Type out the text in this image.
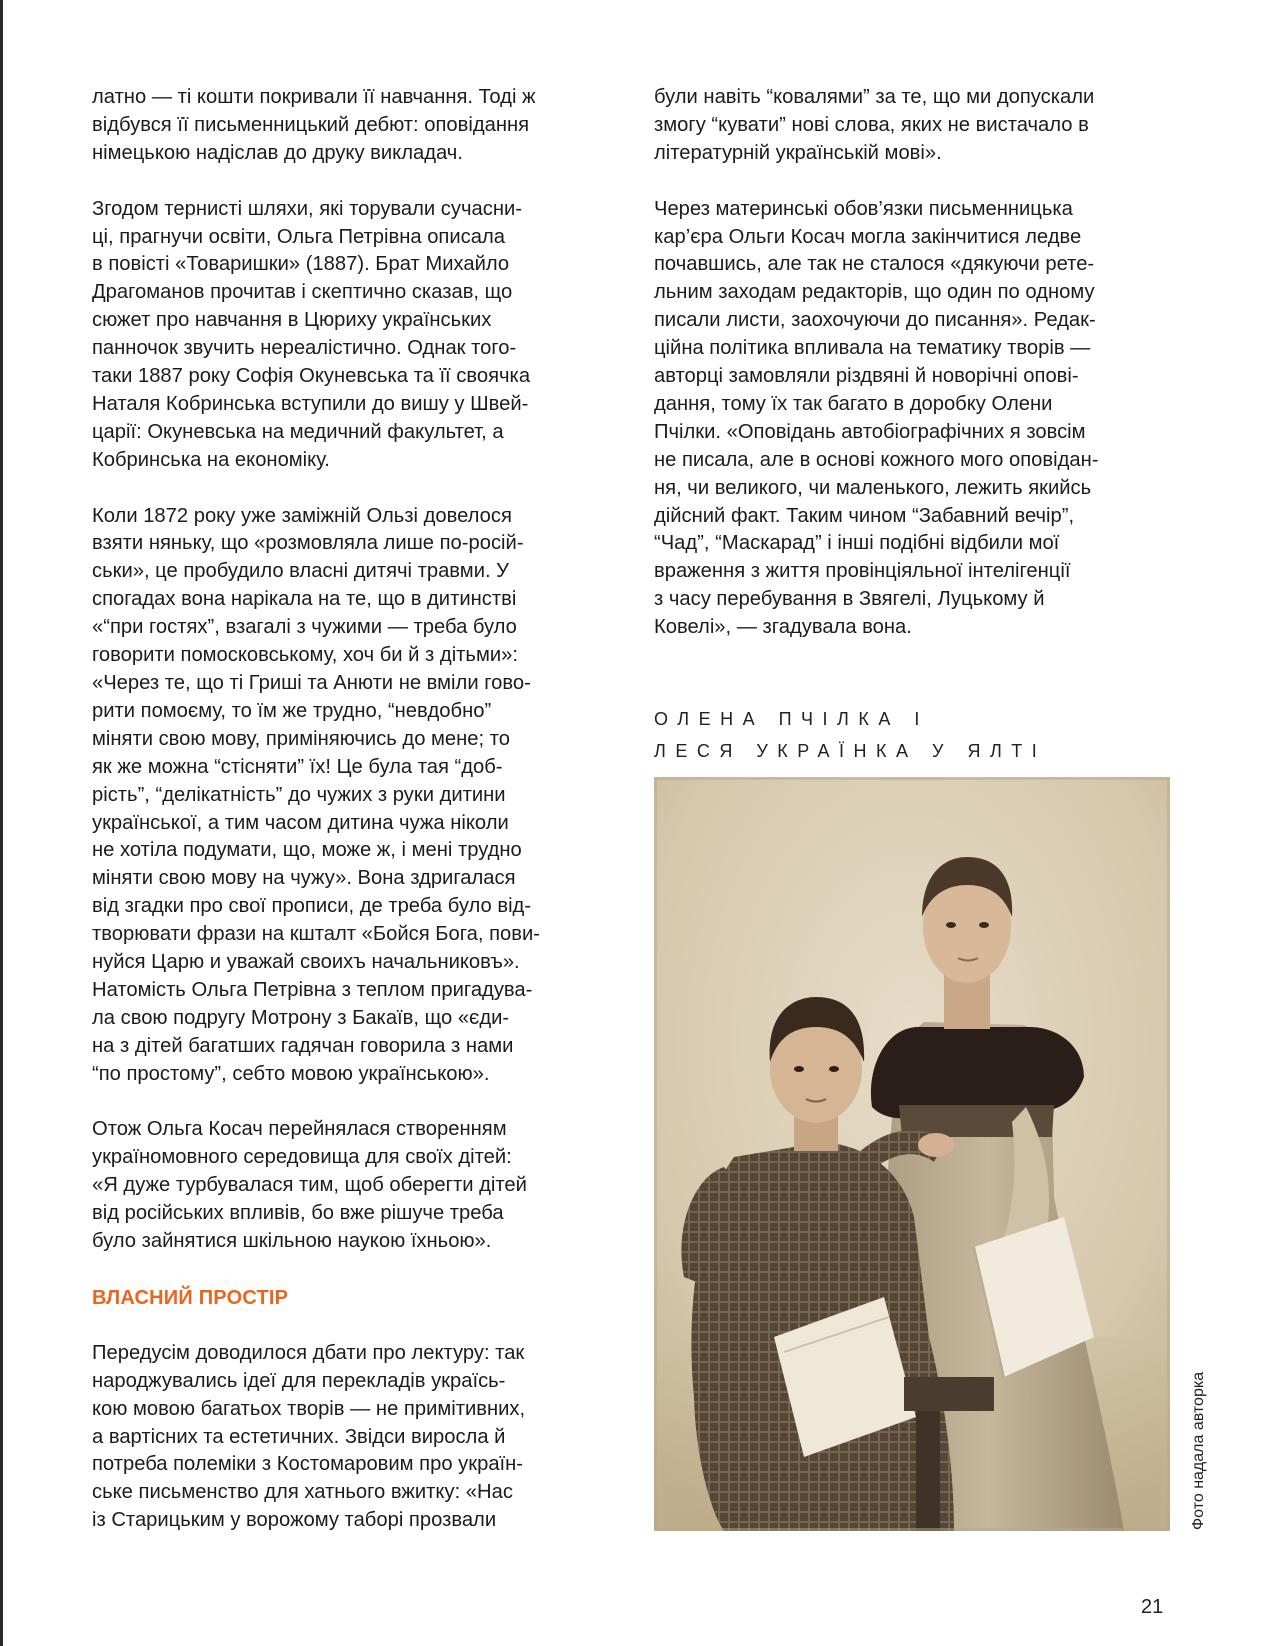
латно — ті кошти покривали її навчання. Тоді ж
відбувся її письменницький дебют: оповідання
німецькою надіслав до друку викладач.
Згодом тернисті шляхи, які торували сучасни-
ці, прагнучи освіти, Ольга Петрівна описала
в повісті «Товаришки» (1887). Брат Михайло
Драгоманов прочитав і скептично сказав, що
сюжет про навчання в Цюриху українських
панночок звучить нереалістично. Однак того-
таки 1887 року Софія Окуневська та її своячка
Наталя Кобринська вступили до вишу у Швей-
царії: Окуневська на медичний факультет, а
Кобринська на економіку.
Коли 1872 року уже заміжній Ользі довелося
взяти няньку, що «розмовляла лише по-росій-
ськи», це пробудило власні дитячі травми. У
спогадах вона нарікала на те, що в дитинстві
«“при гостях”, взагалі з чужими — треба було
говорити помосковському, хоч би й з дітьми»:
«Через те, що ті Гриші та Анюти не вміли гово-
рити помоєму, то їм же трудно, “невдобно”
міняти свою мову, приміняючись до мене; то
як же можна “стісняти” їх! Це була тая “доб-
рість”, “делікатність” до чужих з руки дитини
української, а тим часом дитина чужа ніколи
не хотіла подумати, що, може ж, і мені трудно
міняти свою мову на чужу». Вона здригалася
від згадки про свої прописи, де треба було від-
творювати фрази на кшталт «Бойся Бога, пови-
нуйся Царю и уважай своихъ начальниковъ».
Натомість Ольга Петрівна з теплом пригадува-
ла свою подругу Мотрону з Бакаїв, що «єди-
на з дітей багатших гадячан говорила з нами
“по простому”, себто мовою українською».
Отож Ольга Косач перейнялася створенням
україномовного середовища для своїх дітей:
«Я дуже турбувалася тим, щоб оберегти дітей
від російських впливів, бо вже рішуче треба
було зайнятися шкільною наукою їхньою».
ВЛАСНИЙ ПРОСТІР
Передусім доводилося дбати про лектуру: так
народжувались ідеї для перекладів україсь-
кою мовою багатьох творів — не примітивних,
а вартісних та естетичних. Звідси виросла й
потреба полеміки з Костомаровим про україн-
ське письменство для хатнього вжитку: «Нас
із Старицьким у ворожому таборі прозвали
були навіть “ковалями” за те, що ми допускали
змогу “кувати” нові слова, яких не вистачало в
літературній українській мові».
Через материнські обов’язки письменницька
кар’єра Ольги Косач могла закінчитися ледве
почавшись, але так не сталося «дякуючи рете-
льним заходам редакторів, що один по одному
писали листи, заохочуючи до писання». Редак-
ційна політика впливала на тематику творів —
авторці замовляли різдвяні й новорічні опові-
дання, тому їх так багато в доробку Олени
Пчілки. «Оповідань автобіографічних я зовсім
не писала, але в основі кожного мого оповідан-
ня, чи великого, чи маленького, лежить якийсь
дійсний факт. Таким чином “Забавний вечір”,
“Чад”, “Маскарад” і інші подібні відбили мої
враження з життя провінціяльної інтелігенції
з часу перебування в Звягелі, Луцькому й
Ковелі», — згадувала вона.
ОЛЕНА ПЧІЛКА І
ЛЕСЯ УКРАЇНКА У ЯЛТІ
Фото надала авторка
21
